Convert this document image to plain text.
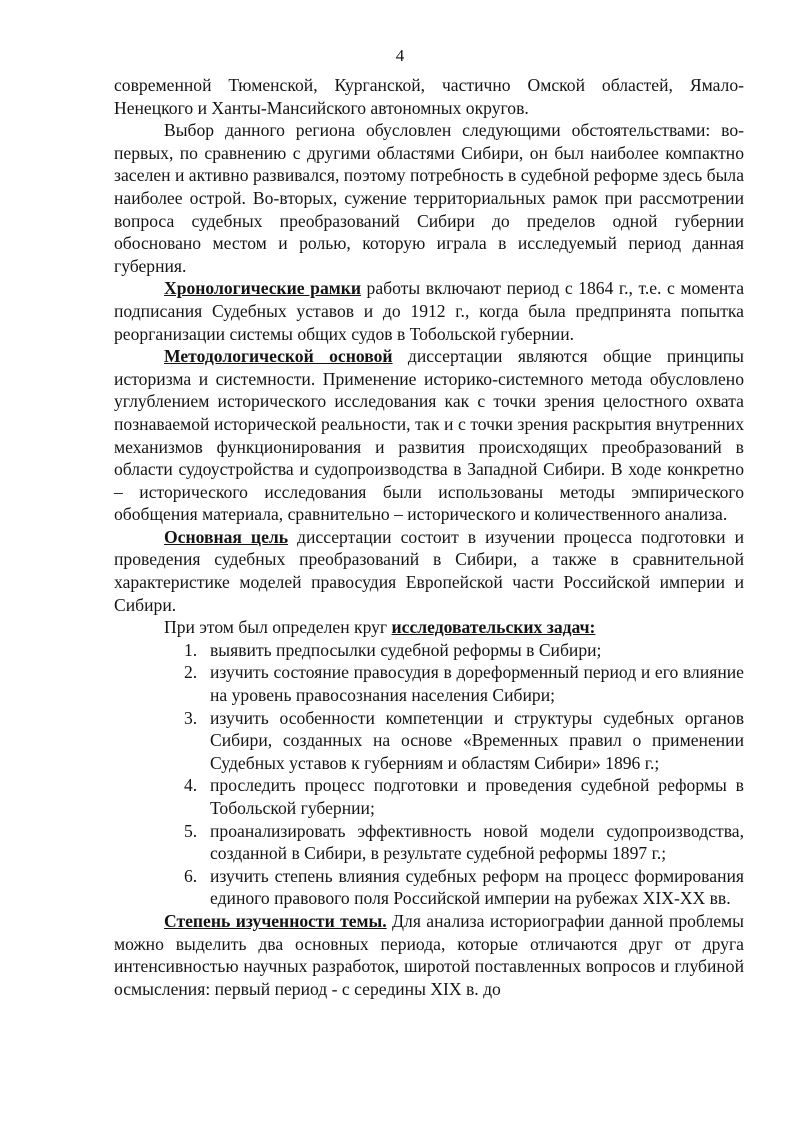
4

современной Тюменской, Курганской, частично Омской областей, Ямало-Ненецкого и Ханты-Мансийского автономных округов.

Выбор данного региона обусловлен следующими обстоятельствами: во-первых, по сравнению с другими областями Сибири, он был наиболее компактно заселен и активно развивался, поэтому потребность в судебной реформе здесь была наиболее острой. Во-вторых, сужение территориальных рамок при рассмотрении вопроса судебных преобразований Сибири до пределов одной губернии обосновано местом и ролью, которую играла в исследуемый период данная губерния.

Хронологические рамки работы включают период с 1864 г., т.е. с момента подписания Судебных уставов и до 1912 г., когда была предпринята попытка реорганизации системы общих судов в Тобольской губернии.

Методологической основой диссертации являются общие принципы историзма и системности. Применение историко-системного метода обусловлено углублением исторического исследования как с точки зрения целостного охвата познаваемой исторической реальности, так и с точки зрения раскрытия внутренних механизмов функционирования и развития происходящих преобразований в области судоустройства и судопроизводства в Западной Сибири. В ходе конкретно – исторического исследования были использованы методы эмпирического обобщения материала, сравнительно – исторического и количественного анализа.

Основная цель диссертации состоит в изучении процесса подготовки и проведения судебных преобразований в Сибири, а также в сравнительной характеристике моделей правосудия Европейской части Российской империи и Сибири.

При этом был определен круг исследовательских задач:

1. выявить предпосылки судебной реформы в Сибири;
2. изучить состояние правосудия в дореформенный период и его влияние на уровень правосознания населения Сибири;
3. изучить особенности компетенции и структуры судебных органов Сибири, созданных на основе «Временных правил о применении Судебных уставов к губерниям и областям Сибири» 1896 г.;
4. проследить процесс подготовки и проведения судебной реформы в Тобольской губернии;
5. проанализировать эффективность новой модели судопроизводства, созданной в Сибири, в результате судебной реформы 1897 г.;
6. изучить степень влияния судебных реформ на процесс формирования единого правового поля Российской империи на рубежах XIX-XX вв.

Степень изученности темы. Для анализа историографии данной проблемы можно выделить два основных периода, которые отличаются друг от друга интенсивностью научных разработок, широтой поставленных вопросов и глубиной осмысления: первый период - с середины XIX в. до
